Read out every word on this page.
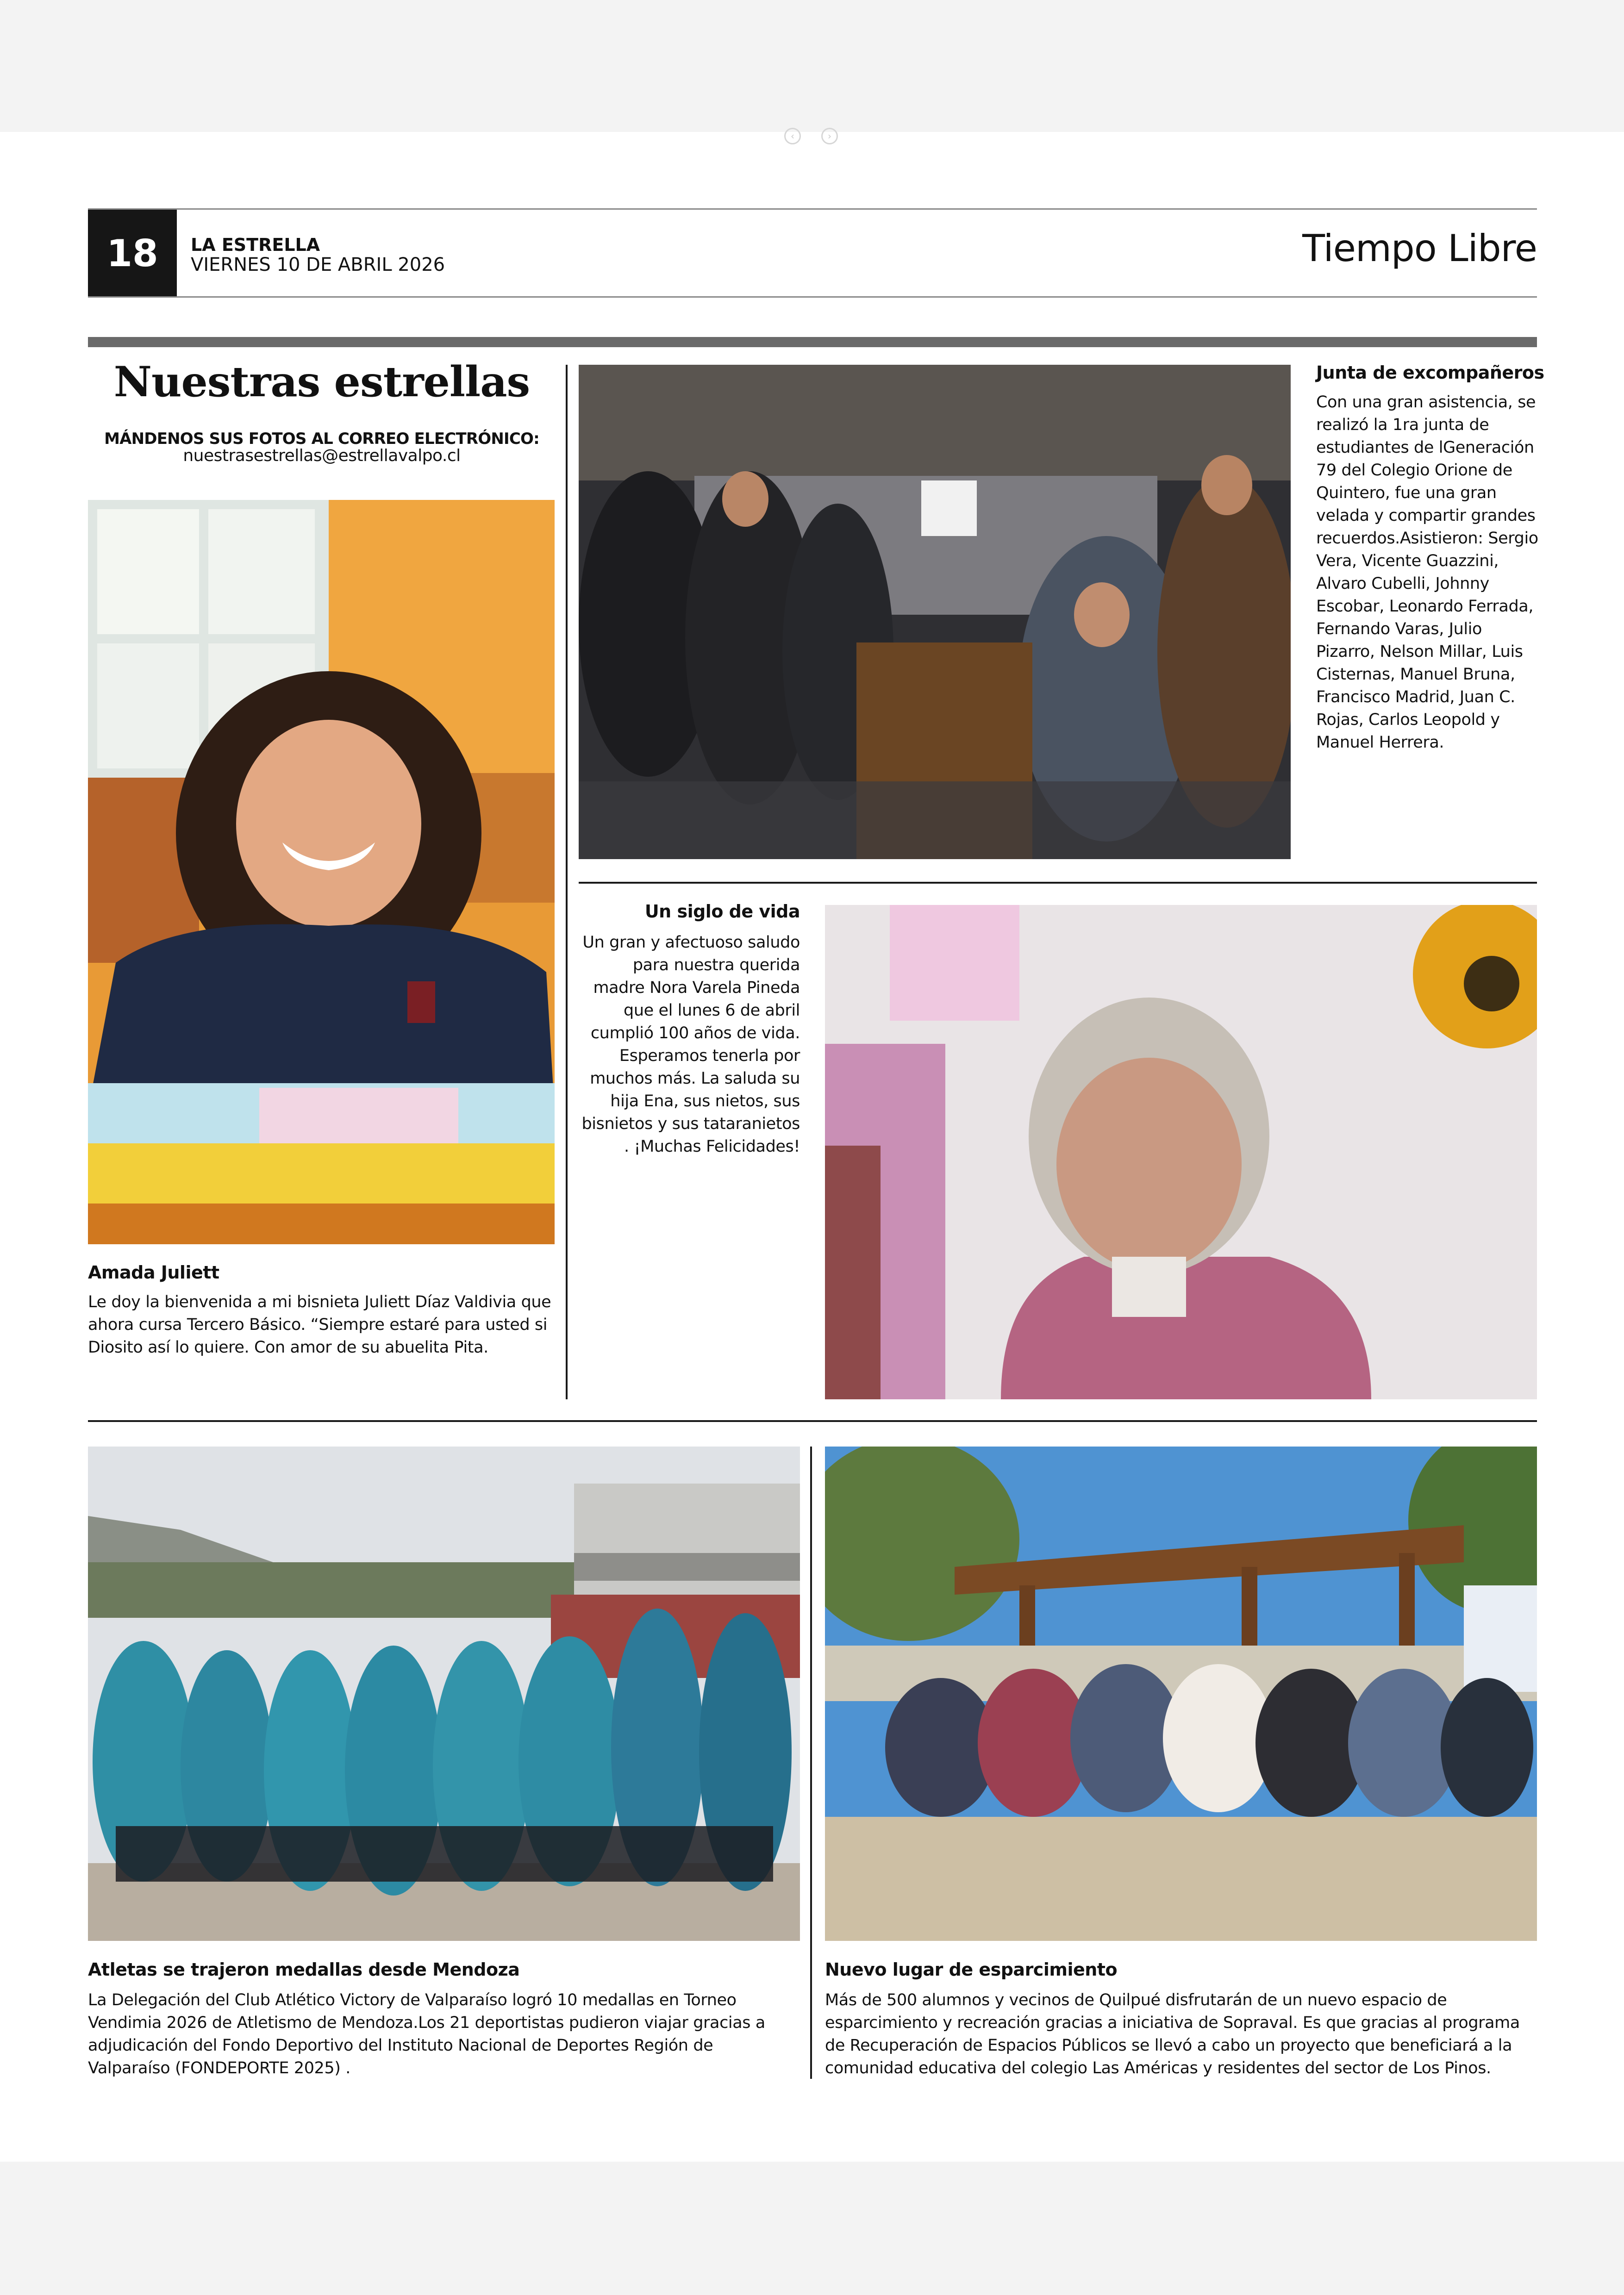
‹	›
18	LA ESTRELLA
VIERNES 10 DE ABRIL 2026	Tiempo Libre
Nuestras estrellas
MÁNDENOS SUS FOTOS AL CORREO ELECTRÓNICO:
nuestrasestrellas@estrellavalpo.cl
Amada Juliett
Le doy la bienvenida a mi bisnieta Juliett Díaz Valdivia que ahora cursa Tercero Básico. “Siempre estaré para usted si Diosito así lo quiere. Con amor de su abuelita Pita.
Junta de excompañeros
Con una gran asistencia, se realizó la 1ra junta de estudiantes de lGeneración 79 del Colegio Orione de Quintero, fue una gran velada y compartir grandes recuerdos.Asistieron: Sergio Vera, Vicente Guazzini, Alvaro Cubelli, Johnny Escobar, Leonardo Ferrada, Fernando Varas, Julio Pizarro, Nelson Millar, Luis Cisternas, Manuel Bruna, Francisco Madrid, Juan C. Rojas, Carlos Leopold y Manuel Herrera.
Un siglo de vida
Un gran y afectuoso saludo para nuestra querida madre Nora Varela Pineda que el lunes 6 de abril cumplió 100 años de vida. Esperamos tenerla por muchos más. La saluda su hija Ena, sus nietos, sus bisnietos y sus tataranietos . ¡Muchas Felicidades!
Atletas se trajeron medallas desde Mendoza
La Delegación del Club Atlético Victory de Valparaíso logró 10 medallas en Torneo Vendimia 2026 de Atletismo de Mendoza.Los 21 deportistas pudieron viajar gracias a adjudicación del Fondo Deportivo del Instituto Nacional de Deportes Región de Valparaíso (FONDEPORTE 2025) .
Nuevo lugar de esparcimiento
Más de 500 alumnos y vecinos de Quilpué disfrutarán de un nuevo espacio de esparcimiento y recreación gracias a iniciativa de Sopraval. Es que gracias al programa de Recuperación de Espacios Públicos se llevó a cabo un proyecto que beneficiará a la comunidad educativa del colegio Las Américas y residentes del sector de Los Pinos.
